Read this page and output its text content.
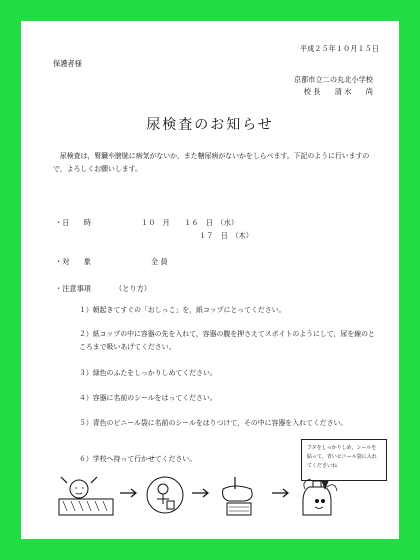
平成２５年１０月１５日
保護者様
京都市立二の丸北小学校
校 長　　清 水　　尚
尿検査のお知らせ
尿検査は，腎臓や膀胱に病気がないか，また糖尿病がないかをしらべます。下記のように行いますので，よろしくお願いします。
・日　　時	１０　月　　１６　日　（水）
１７　日　（木）
・対　　象	全 員
・注意事項	（とり方）
１）朝起きてすぐの「おしっこ」を，紙コップにとってください。
２）紙コップの中に容器の先を入れて，容器の腹を押さえてスポイトのようにして，尿を線のところまで吸いあげてください。
３）緑色のふたをしっかりしめてください。
４）容器に名前のシールをはってください。
５）青色のビニール袋に名前のシールをはりつけて，その中に容器を入れてください。
６）学校へ持って行かせてください。
フタをしっかりしめ，シールを貼って，青いビニール袋に入れてくださいね
